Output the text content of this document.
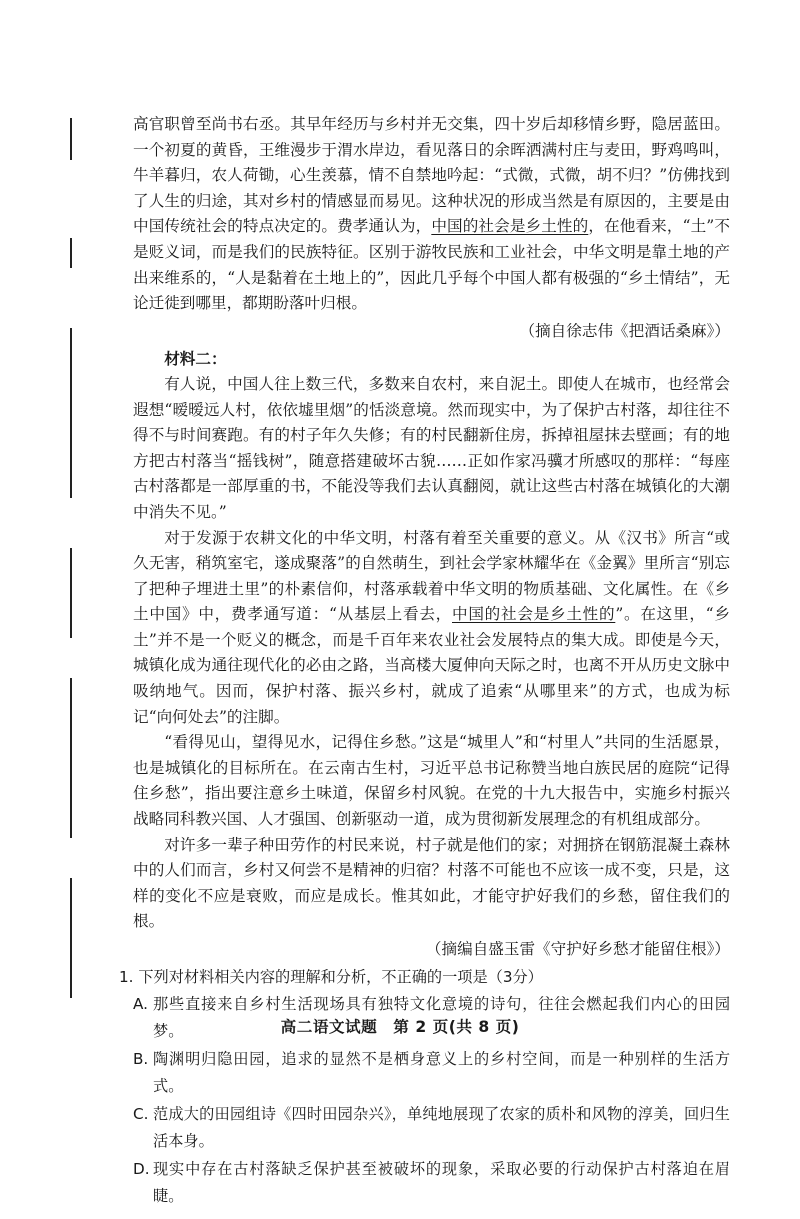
高官职曾至尚书右丞。其早年经历与乡村并无交集，四十岁后却移情乡野，隐居蓝田。一个初夏的黄昏，王维漫步于渭水岸边，看见落日的余晖洒满村庄与麦田，野鸡鸣叫，牛羊暮归，农人荷锄，心生羡慕，情不自禁地吟起：“式微，式微，胡不归？”仿佛找到了人生的归途，其对乡村的情感显而易见。这种状况的形成当然是有原因的，主要是由中国传统社会的特点决定的。费孝通认为，中国的社会是乡土性的，在他看来，“土”不是贬义词，而是我们的民族特征。区别于游牧民族和工业社会，中华文明是靠土地的产出来维系的，“人是黏着在土地上的”，因此几乎每个中国人都有极强的“乡土情结”，无论迁徙到哪里，都期盼落叶归根。

（摘自徐志伟《把酒话桑麻》）

材料二：

有人说，中国人往上数三代，多数来自农村，来自泥土。即使人在城市，也经常会遐想“暧暧远人村，依依墟里烟”的恬淡意境。然而现实中，为了保护古村落，却往往不得不与时间赛跑。有的村子年久失修；有的村民翻新住房，拆掉祖屋抹去壁画；有的地方把古村落当“摇钱树”，随意搭建破坏古貌……正如作家冯骥才所感叹的那样：“每座古村落都是一部厚重的书，不能没等我们去认真翻阅，就让这些古村落在城镇化的大潮中消失不见。”

对于发源于农耕文化的中华文明，村落有着至关重要的意义。从《汉书》所言“或久无害，稍筑室宅，遂成聚落”的自然萌生，到社会学家林耀华在《金翼》里所言“别忘了把种子埋进土里”的朴素信仰，村落承载着中华文明的物质基础、文化属性。在《乡土中国》中，费孝通写道：“从基层上看去，中国的社会是乡土性的”。在这里，“乡土”并不是一个贬义的概念，而是千百年来农业社会发展特点的集大成。即使是今天，城镇化成为通往现代化的必由之路，当高楼大厦伸向天际之时，也离不开从历史文脉中吸纳地气。因而，保护村落、振兴乡村，就成了追索“从哪里来”的方式，也成为标记“向何处去”的注脚。

“看得见山，望得见水，记得住乡愁。”这是“城里人”和“村里人”共同的生活愿景，也是城镇化的目标所在。在云南古生村，习近平总书记称赞当地白族民居的庭院“记得住乡愁”，指出要注意乡土味道，保留乡村风貌。在党的十九大报告中，实施乡村振兴战略同科教兴国、人才强国、创新驱动一道，成为贯彻新发展理念的有机组成部分。

对许多一辈子种田劳作的村民来说，村子就是他们的家；对拥挤在钢筋混凝土森林中的人们而言，乡村又何尝不是精神的归宿？村落不可能也不应该一成不变，只是，这样的变化不应是衰败，而应是成长。惟其如此，才能守护好我们的乡愁，留住我们的根。

（摘编自盛玉雷《守护好乡愁才能留住根》）

1. 下列对材料相关内容的理解和分析，不正确的一项是（3分）
A. 那些直接来自乡村生活现场具有独特文化意境的诗句，往往会燃起我们内心的田园梦。
B. 陶渊明归隐田园，追求的显然不是栖身意义上的乡村空间，而是一种别样的生活方式。
C. 范成大的田园组诗《四时田园杂兴》，单纯地展现了农家的质朴和风物的淳美，回归生活本身。
D. 现实中存在古村落缺乏保护甚至被破坏的现象，采取必要的行动保护古村落迫在眉睫。
高二语文试题　第 2 页(共 8 页)
